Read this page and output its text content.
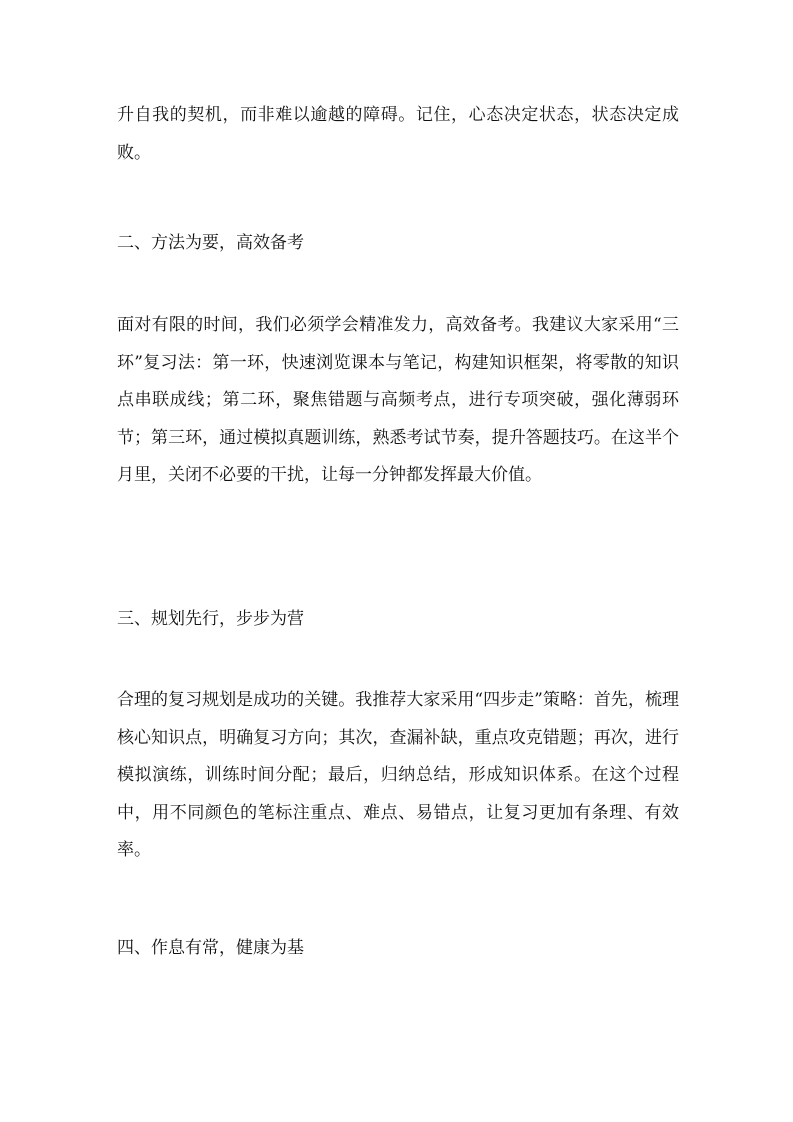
升自我的契机，而非难以逾越的障碍。记住，心态决定状态，状态决定成败。

二、方法为要，高效备考

面对有限的时间，我们必须学会精准发力，高效备考。我建议大家采用“三环”复习法：第一环，快速浏览课本与笔记，构建知识框架，将零散的知识点串联成线；第二环，聚焦错题与高频考点，进行专项突破，强化薄弱环节；第三环，通过模拟真题训练，熟悉考试节奏，提升答题技巧。在这半个月里，关闭不必要的干扰，让每一分钟都发挥最大价值。

三、规划先行，步步为营

合理的复习规划是成功的关键。我推荐大家采用“四步走”策略：首先，梳理核心知识点，明确复习方向；其次，查漏补缺，重点攻克错题；再次，进行模拟演练，训练时间分配；最后，归纳总结，形成知识体系。在这个过程中，用不同颜色的笔标注重点、难点、易错点，让复习更加有条理、有效率。

四、作息有常，健康为基
